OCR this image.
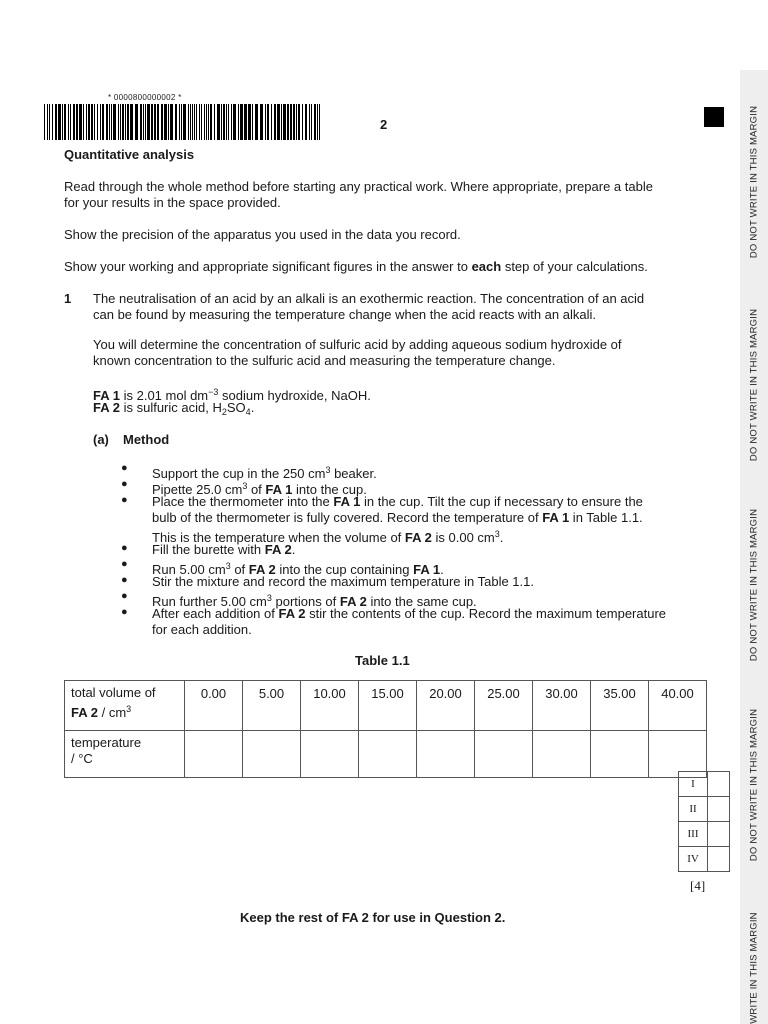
DO NOT WRITE IN THIS MARGIN
DO NOT WRITE IN THIS MARGIN
DO NOT WRITE IN THIS MARGIN
DO NOT WRITE IN THIS MARGIN
WRITE IN THIS MARGIN
* 0000800000002 *
2
Quantitative analysis
Read through the whole method before starting any practical work. Where appropriate, prepare a table
for your results in the space provided.
Show the precision of the apparatus you used in the data you record.
Show your working and appropriate significant figures in the answer to each step of your calculations.
1 The neutralisation of an acid by an alkali is an exothermic reaction. The concentration of an acid
can be found by measuring the temperature change when the acid reacts with an alkali.
You will determine the concentration of sulfuric acid by adding aqueous sodium hydroxide of
known concentration to the sulfuric acid and measuring the temperature change.
FA 1 is 2.01 mol $dm^{-3}$ sodium hydroxide, NaOH.
FA 2 is sulfuric acid, $H_2SO_4$.
(a) Method
● Support the cup in the 250 $cm^3$ beaker.
● Pipette 25.0 $cm^3$ of FA 1 into the cup.
● Place the thermometer into the FA 1 in the cup. Tilt the cup if necessary to ensure the
bulb of the thermometer is fully covered. Record the temperature of FA 1 in Table 1.1.
This is the temperature when the volume of FA 2 is 0.00 $cm^3$.
● Fill the burette with FA 2.
● Run 5.00 $cm^3$ of FA 2 into the cup containing FA 1.
● Stir the mixture and record the maximum temperature in Table 1.1.
● Run further 5.00 $cm^3$ portions of FA 2 into the same cup.
● After each addition of FA 2 stir the contents of the cup. Record the maximum temperature
for each addition.
Table 1.1
total volume of
FA $2 / cm^3$	0.00	5.00	10.00	15.00	20.00	25.00	30.00	35.00	40.00

temperature
/ °C									

I	
II	
III	
IV	
[4]
Keep the rest of FA 2 for use in Question 2.
